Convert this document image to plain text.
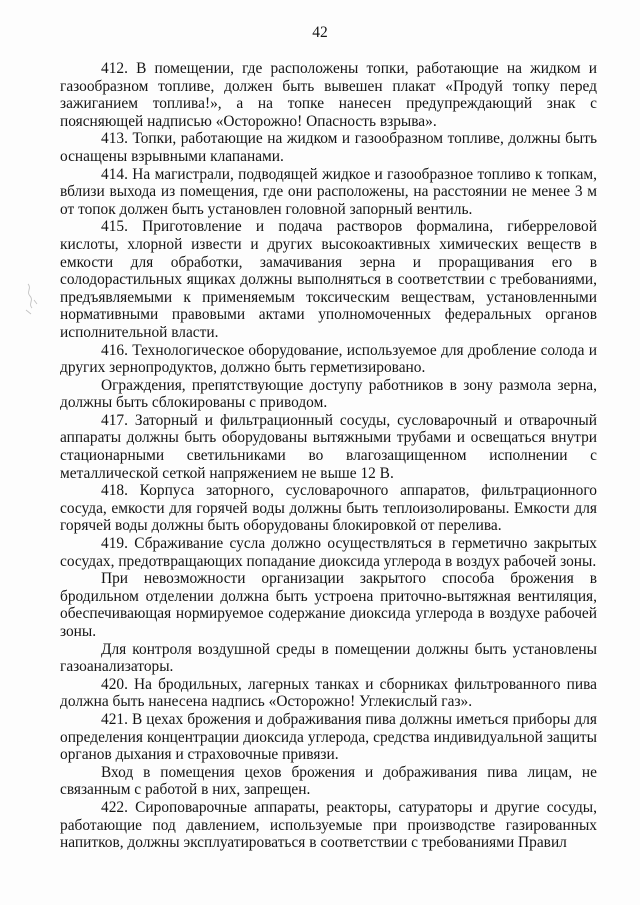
42

412. В помещении, где расположены топки, работающие на жидком и газообразном топливе, должен быть вывешен плакат «Продуй топку перед зажиганием топлива!», а на топке нанесен предупреждающий знак с поясняющей надписью «Осторожно! Опасность взрыва».

413. Топки, работающие на жидком и газообразном топливе, должны быть оснащены взрывными клапанами.

414. На магистрали, подводящей жидкое и газообразное топливо к топкам, вблизи выхода из помещения, где они расположены, на расстоянии не менее 3 м от топок должен быть установлен головной запорный вентиль.

415. Приготовление и подача растворов формалина, гиберреловой кислоты, хлорной извести и других высокоактивных химических веществ в емкости для обработки, замачивания зерна и проращивания его в солодорастильных ящиках должны выполняться в соответствии с требованиями, предъявляемыми к применяемым токсическим веществам, установленными нормативными правовыми актами уполномоченных федеральных органов исполнительной власти.

416. Технологическое оборудование, используемое для дробление солода и других зернопродуктов, должно быть герметизировано.

Ограждения, препятствующие доступу работников в зону размола зерна, должны быть сблокированы с приводом.

417. Заторный и фильтрационный сосуды, сусловарочный и отварочный аппараты должны быть оборудованы вытяжными трубами и освещаться внутри стационарными светильниками во влагозащищенном исполнении с металлической сеткой напряжением не выше 12 В.

418. Корпуса заторного, сусловарочного аппаратов, фильтрационного сосуда, емкости для горячей воды должны быть теплоизолированы. Емкости для горячей воды должны быть оборудованы блокировкой от перелива.

419. Сбраживание сусла должно осуществляться в герметично закрытых сосудах, предотвращающих попадание диоксида углерода в воздух рабочей зоны.

При невозможности организации закрытого способа брожения в бродильном отделении должна быть устроена приточно-вытяжная вентиляция, обеспечивающая нормируемое содержание диоксида углерода в воздухе рабочей зоны.

Для контроля воздушной среды в помещении должны быть установлены газоанализаторы.

420. На бродильных, лагерных танках и сборниках фильтрованного пива должна быть нанесена надпись «Осторожно! Углекислый газ».

421. В цехах брожения и дображивания пива должны иметься приборы для определения концентрации диоксида углерода, средства индивидуальной защиты органов дыхания и страховочные привязи.

Вход в помещения цехов брожения и дображивания пива лицам, не связанным с работой в них, запрещен.

422. Сироповарочные аппараты, реакторы, сатураторы и другие сосуды, работающие под давлением, используемые при производстве газированных напитков, должны эксплуатироваться в соответствии с требованиями Правил
